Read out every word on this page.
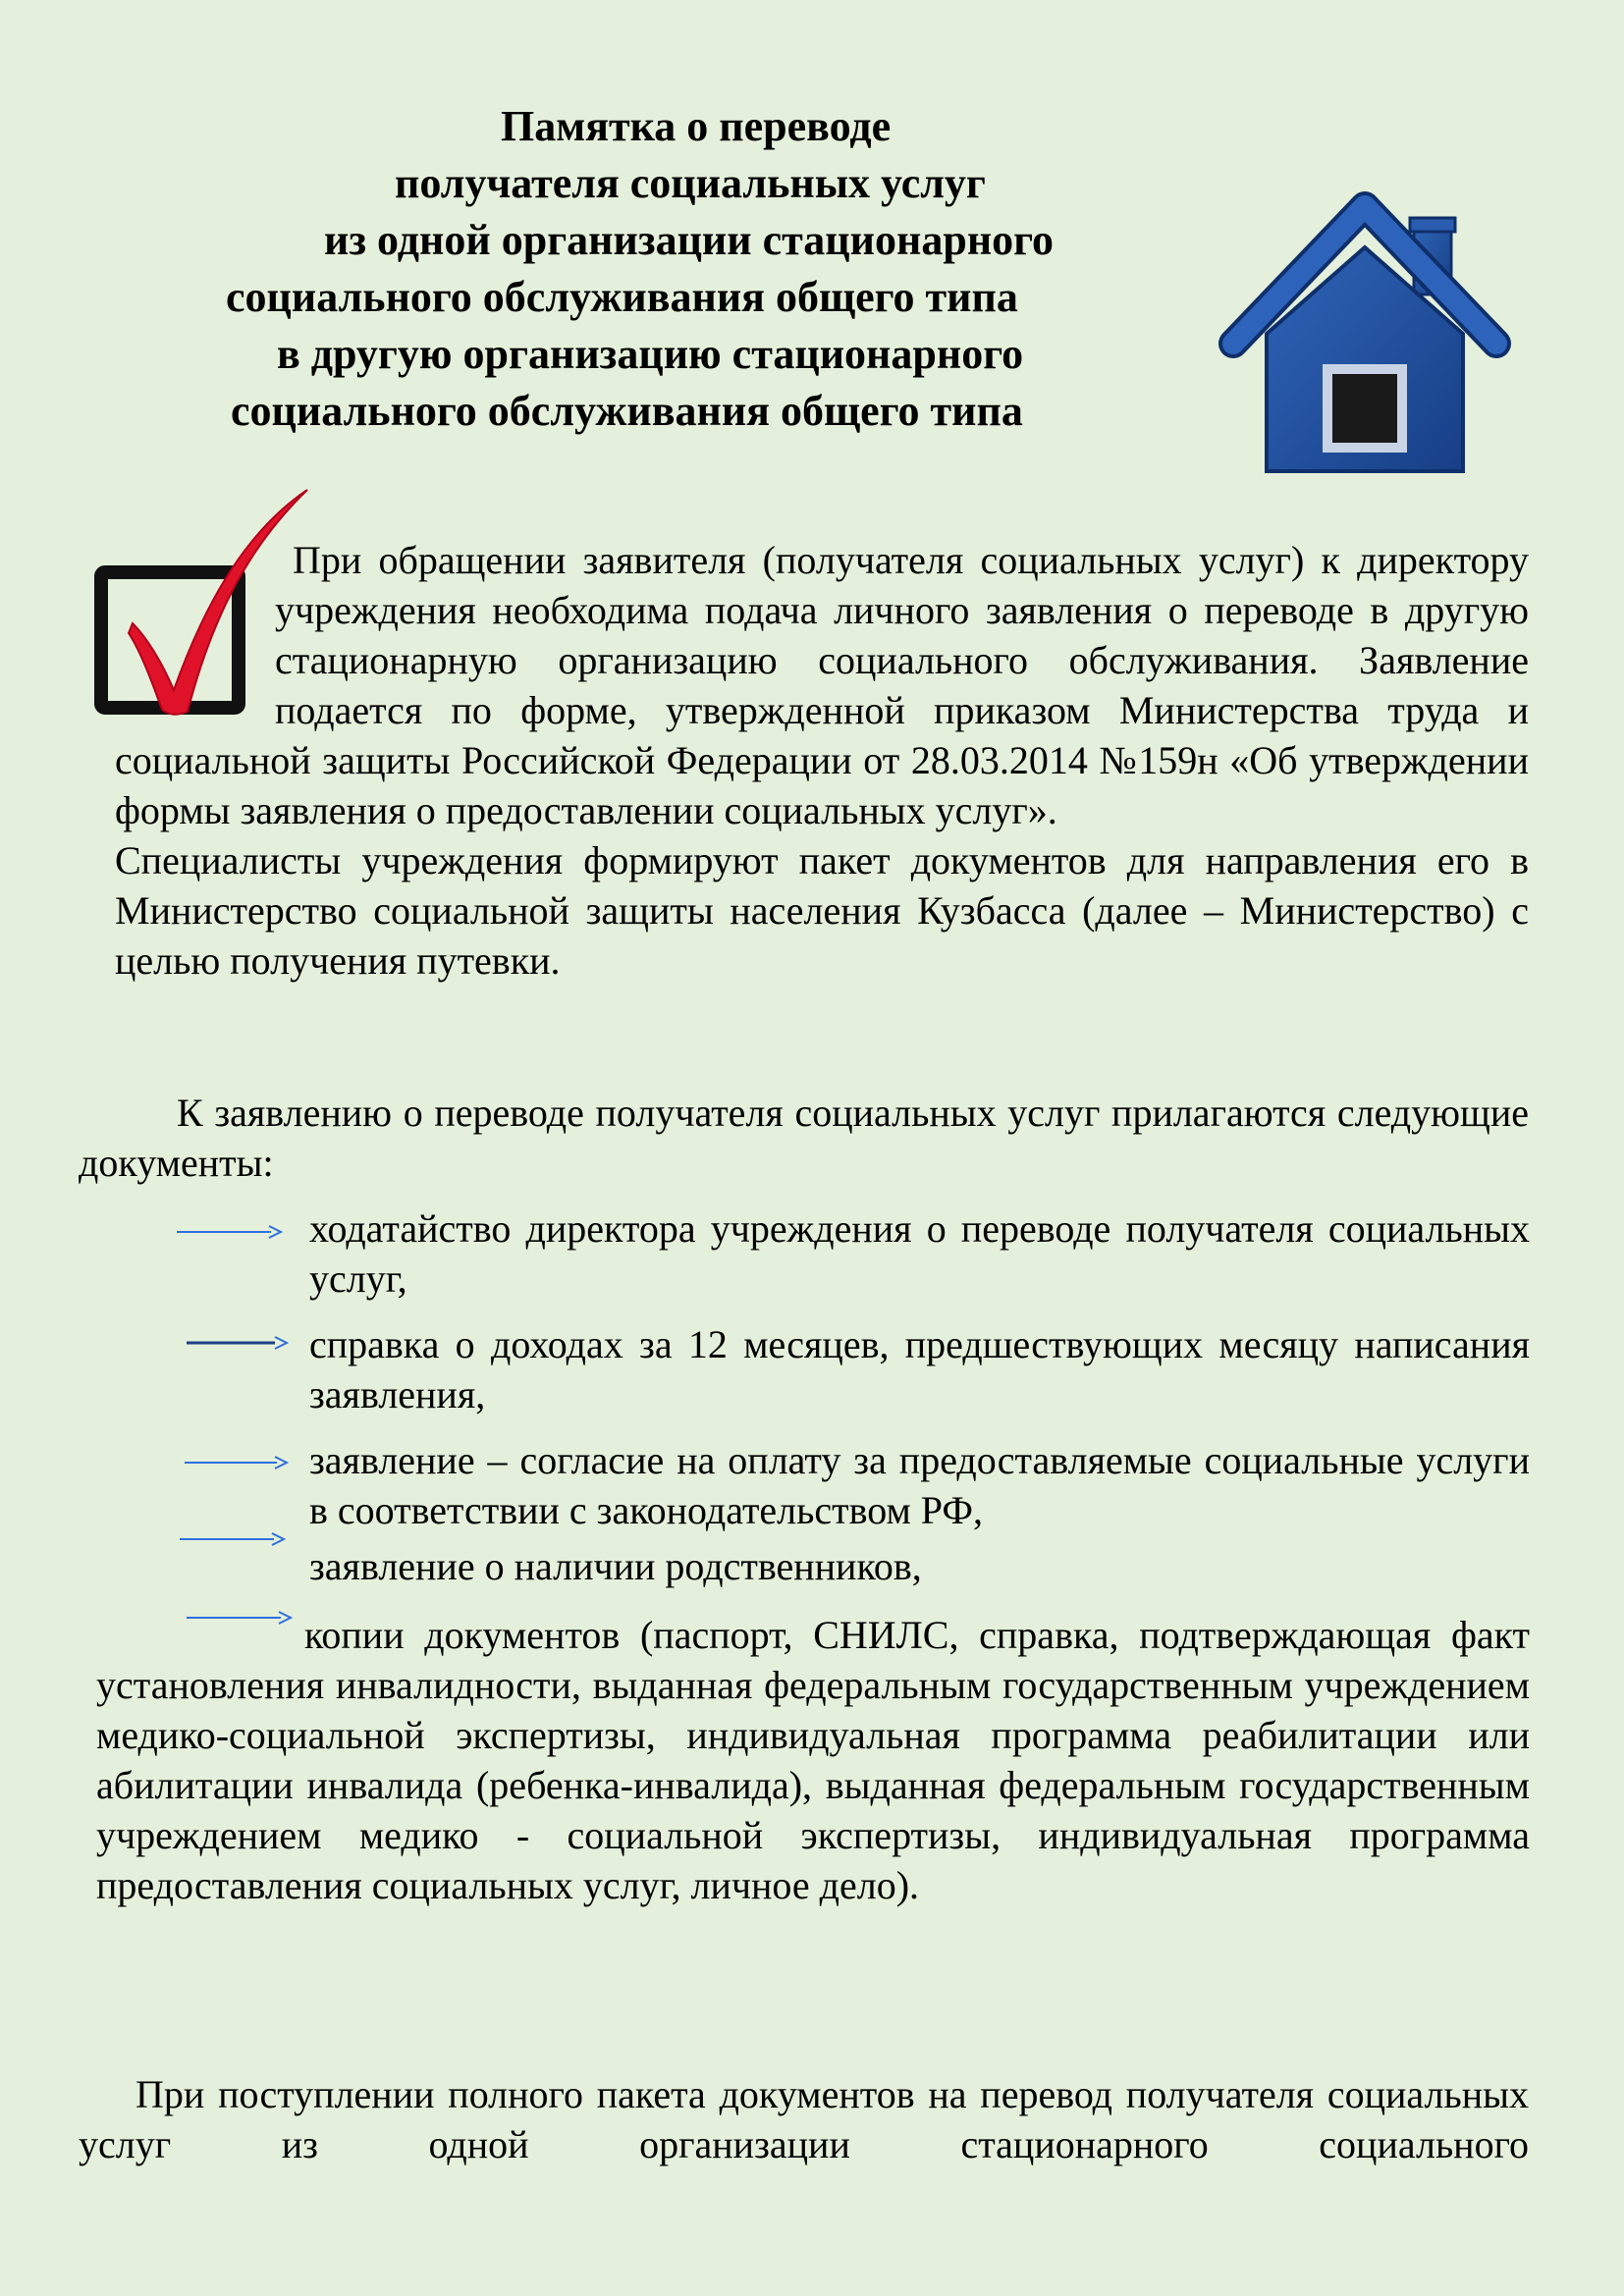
Памятка о переводе
получателя социальных услуг
из одной организации стационарного
социального обслуживания общего типа
в другую организацию стационарного
социального обслуживания общего типа

При обращении заявителя (получателя социальных услуг) к директору учреждения необходима подача личного заявления о переводе в другую стационарную организацию социального обслуживания. Заявление подается по форме, утвержденной приказом Министерства труда и социальной защиты Российской Федерации от 28.03.2014 №159н «Об утверждении формы заявления о предоставлении социальных услуг».

Специалисты учреждения формируют пакет документов для направления его в Министерство социальной защиты населения Кузбасса (далее – Министерство) с целью получения путевки.

К заявлению о переводе получателя социальных услуг прилагаются следующие документы:
ходатайство директора учреждения о переводе получателя социальных услуг,
справка о доходах за 12 месяцев, предшествующих месяцу написания заявления,
заявление – согласие на оплату за предоставляемые социальные услуги в соответствии с законодательством РФ,
заявление о наличии родственников,
копии документов (паспорт, СНИЛС, справка, подтверждающая факт установления инвалидности, выданная федеральным государственным учреждением медико-социальной экспертизы, индивидуальная программа реабилитации или абилитации инвалида (ребенка-инвалида), выданная федеральным государственным учреждением медико - социальной экспертизы, индивидуальная программа предоставления социальных услуг, личное дело).
При поступлении полного пакета документов на перевод получателя социальных услуг из одной организации стационарного социального
